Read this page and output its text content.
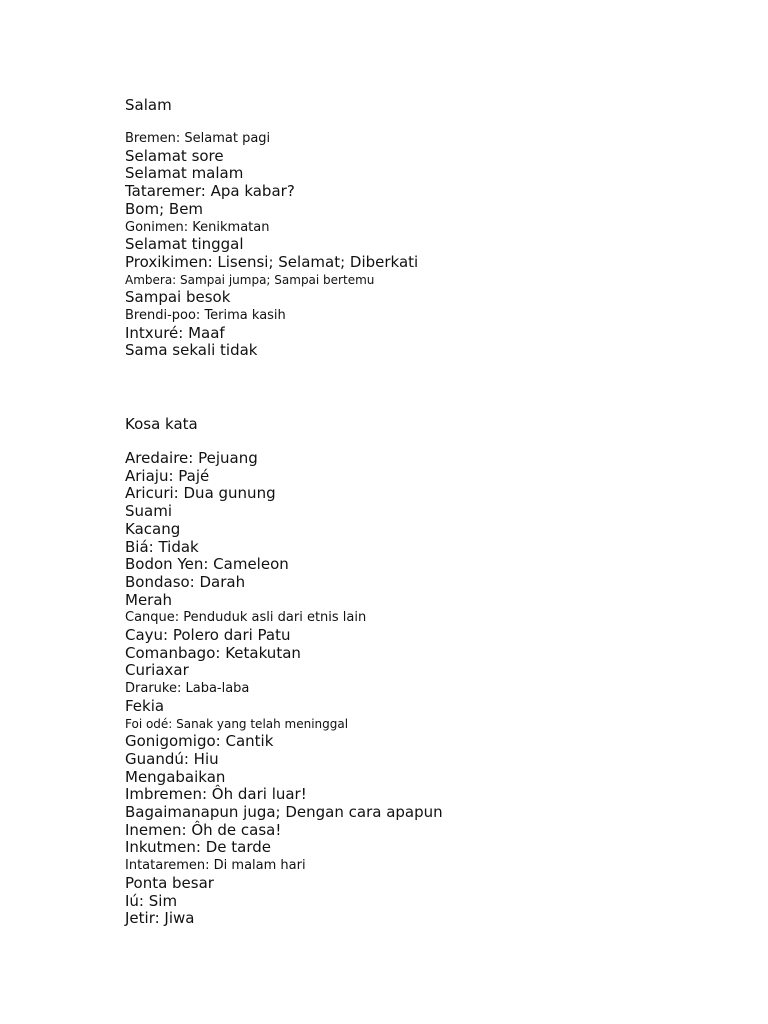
Salam
Bremen: Selamat pagi
Selamat sore
Selamat malam
Tataremer: Apa kabar?
Bom; Bem
Gonimen: Kenikmatan
Selamat tinggal
Proxikimen: Lisensi; Selamat; Diberkati
Ambera: Sampai jumpa; Sampai bertemu
Sampai besok
Brendi-poo: Terima kasih
Intxuré: Maaf
Sama sekali tidak
Kosa kata
Aredaire: Pejuang
Ariaju: Pajé
Aricuri: Dua gunung
Suami
Kacang
Biá: Tidak
Bodon Yen: Cameleon
Bondaso: Darah
Merah
Canque: Penduduk asli dari etnis lain
Cayu: Polero dari Patu
Comanbago: Ketakutan
Curiaxar
Draruke: Laba-laba
Fekia
Foi odé: Sanak yang telah meninggal
Gonigomigo: Cantik
Guandú: Hiu
Mengabaikan
Imbremen: Ôh dari luar!
Bagaimanapun juga; Dengan cara apapun
Inemen: Ôh de casa!
Inkutmen: De tarde
Intataremen: Di malam hari
Ponta besar
Iú: Sim
Jetir: Jiwa
